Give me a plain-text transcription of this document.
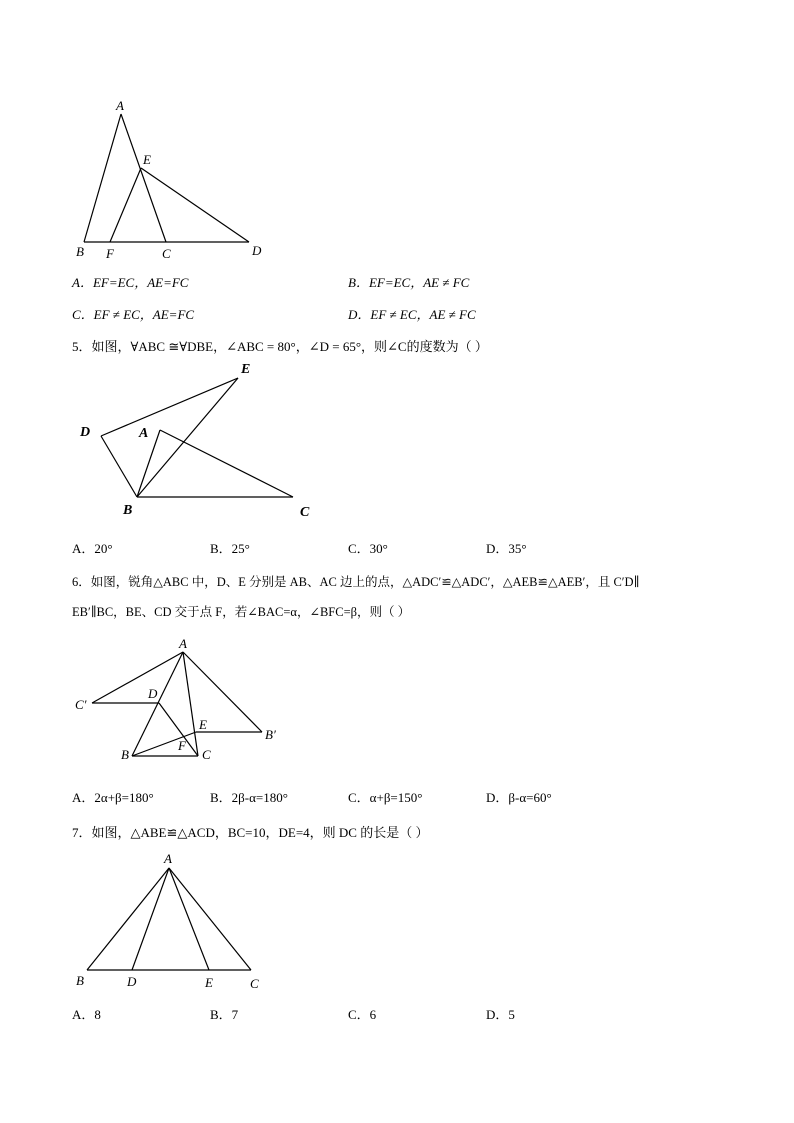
A
E
B F	C	D
A．EF=EC，AE=FC	B．EF=EC，AE ≠ FC
C．EF ≠ EC，AE=FC	D．EF ≠ EC，AE ≠ FC
5．如图，∀ABC ≅∀DBE，∠ABC = 80°，∠D = 65°，则∠C的度数为（ ）
E
D	A
B	C
A．20°	B．25°	C．30°	D．35°
6．如图，锐角△ABC 中，D、E 分别是 AB、AC 边上的点，△ADC′≌△ADC′，△AEB≌△AEB′，且 C′D∥
EB′∥BC，BE、CD 交于点 F，若∠BAC=α，∠BFC=β，则（ ）
A
C′
D
E
B′
F
B	C
A．2α+β=180°	B．2β-α=180°	C．α+β=150°	D．β-α=60°
7．如图，△ABE≌△ACD，BC=10，DE=4，则 DC 的长是（ ）
A
B	D	E	C
A．8	B．7	C．6	D．5
